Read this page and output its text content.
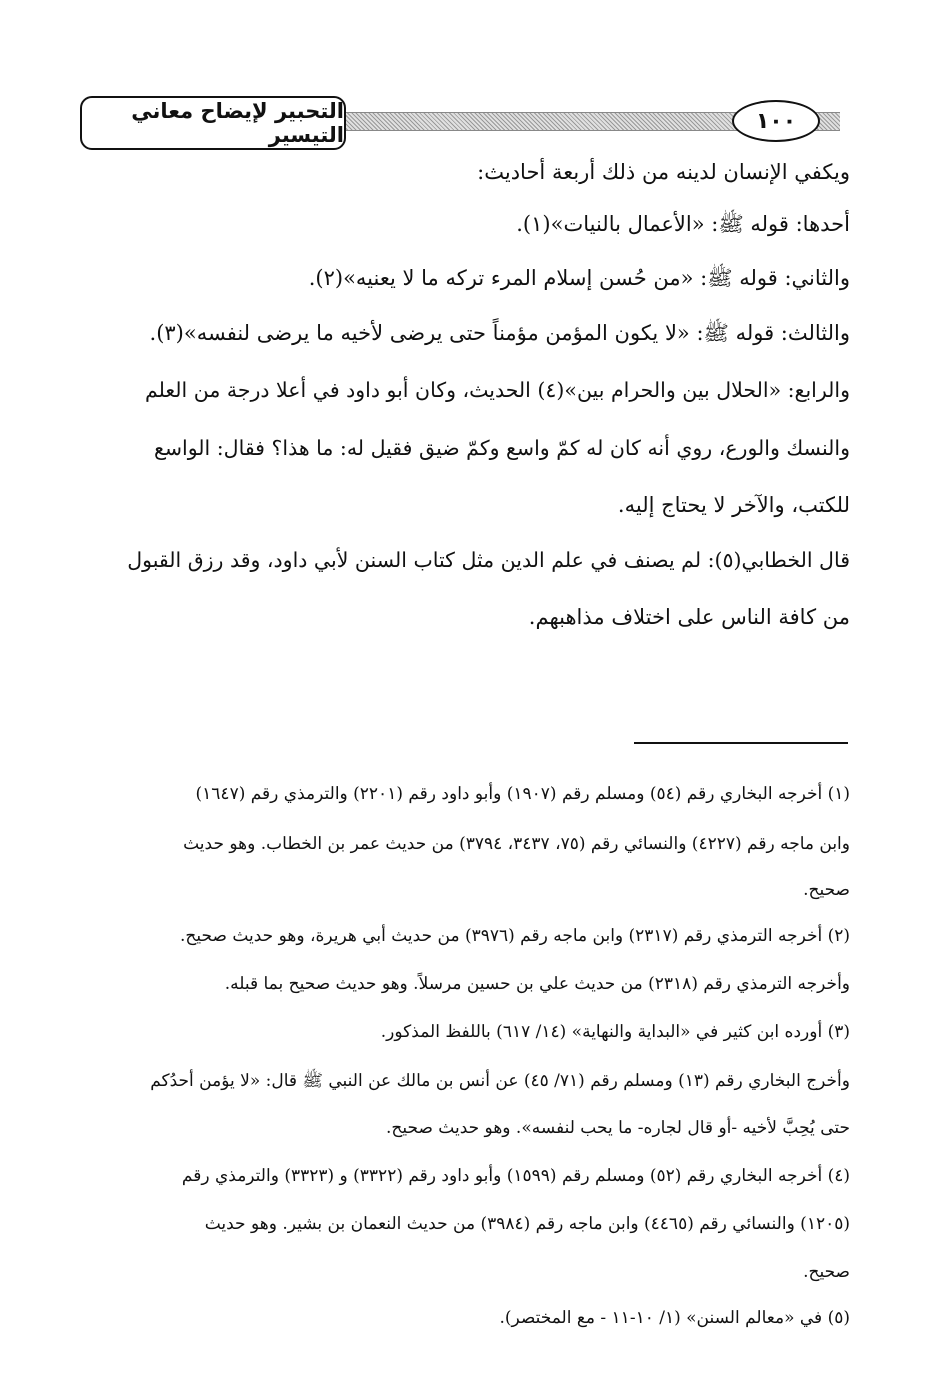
التحبير لإيضاح معاني التيسير
١٠٠
ويكفي الإنسان لدينه من ذلك أربعة أحاديث:
أحدها: قوله ﷺ: «الأعمال بالنيات»(١).
والثاني: قوله ﷺ: «من حُسن إسلام المرء تركه ما لا يعنيه»(٢).
والثالث: قوله ﷺ: «لا يكون المؤمن مؤمناً حتى يرضى لأخيه ما يرضى لنفسه»(٣).
والرابع: «الحلال بين والحرام بين»(٤) الحديث، وكان أبو داود في أعلا درجة من العلم
والنسك والورع، روي أنه كان له كمّ واسع وكمّ ضيق فقيل له: ما هذا؟ فقال: الواسع
للكتب، والآخر لا يحتاج إليه.
قال الخطابي(٥): لم يصنف في علم الدين مثل كتاب السنن لأبي داود، وقد رزق القبول
من كافة الناس على اختلاف مذاهبهم.
(١) أخرجه البخاري رقم (٥٤) ومسلم رقم (١٩٠٧) وأبو داود رقم (٢٢٠١) والترمذي رقم (١٦٤٧)
وابن ماجه رقم (٤٢٢٧) والنسائي رقم (٧٥، ٣٤٣٧، ٣٧٩٤) من حديث عمر بن الخطاب. وهو حديث
صحيح.
(٢) أخرجه الترمذي رقم (٢٣١٧) وابن ماجه رقم (٣٩٧٦) من حديث أبي هريرة، وهو حديث صحيح.
وأخرجه الترمذي رقم (٢٣١٨) من حديث علي بن حسين مرسلاً. وهو حديث صحيح بما قبله.
(٣) أورده ابن كثير في «البداية والنهاية» (١٤/ ٦١٧) باللفظ المذكور.
وأخرج البخاري رقم (١٣) ومسلم رقم (٧١/ ٤٥) عن أنس بن مالك عن النبي ﷺ قال: «لا يؤمن أحدُكم
حتى يُحِبَّ لأخيه -أو قال لجاره- ما يحب لنفسه». وهو حديث صحيح.
(٤) أخرجه البخاري رقم (٥٢) ومسلم رقم (١٥٩٩) وأبو داود رقم (٣٣٢٢) و (٣٣٢٣) والترمذي رقم
(١٢٠٥) والنسائي رقم (٤٤٦٥) وابن ماجه رقم (٣٩٨٤) من حديث النعمان بن بشير. وهو حديث
صحيح.
(٥) في «معالم السنن» (١/ ١٠-١١ - مع المختصر).
